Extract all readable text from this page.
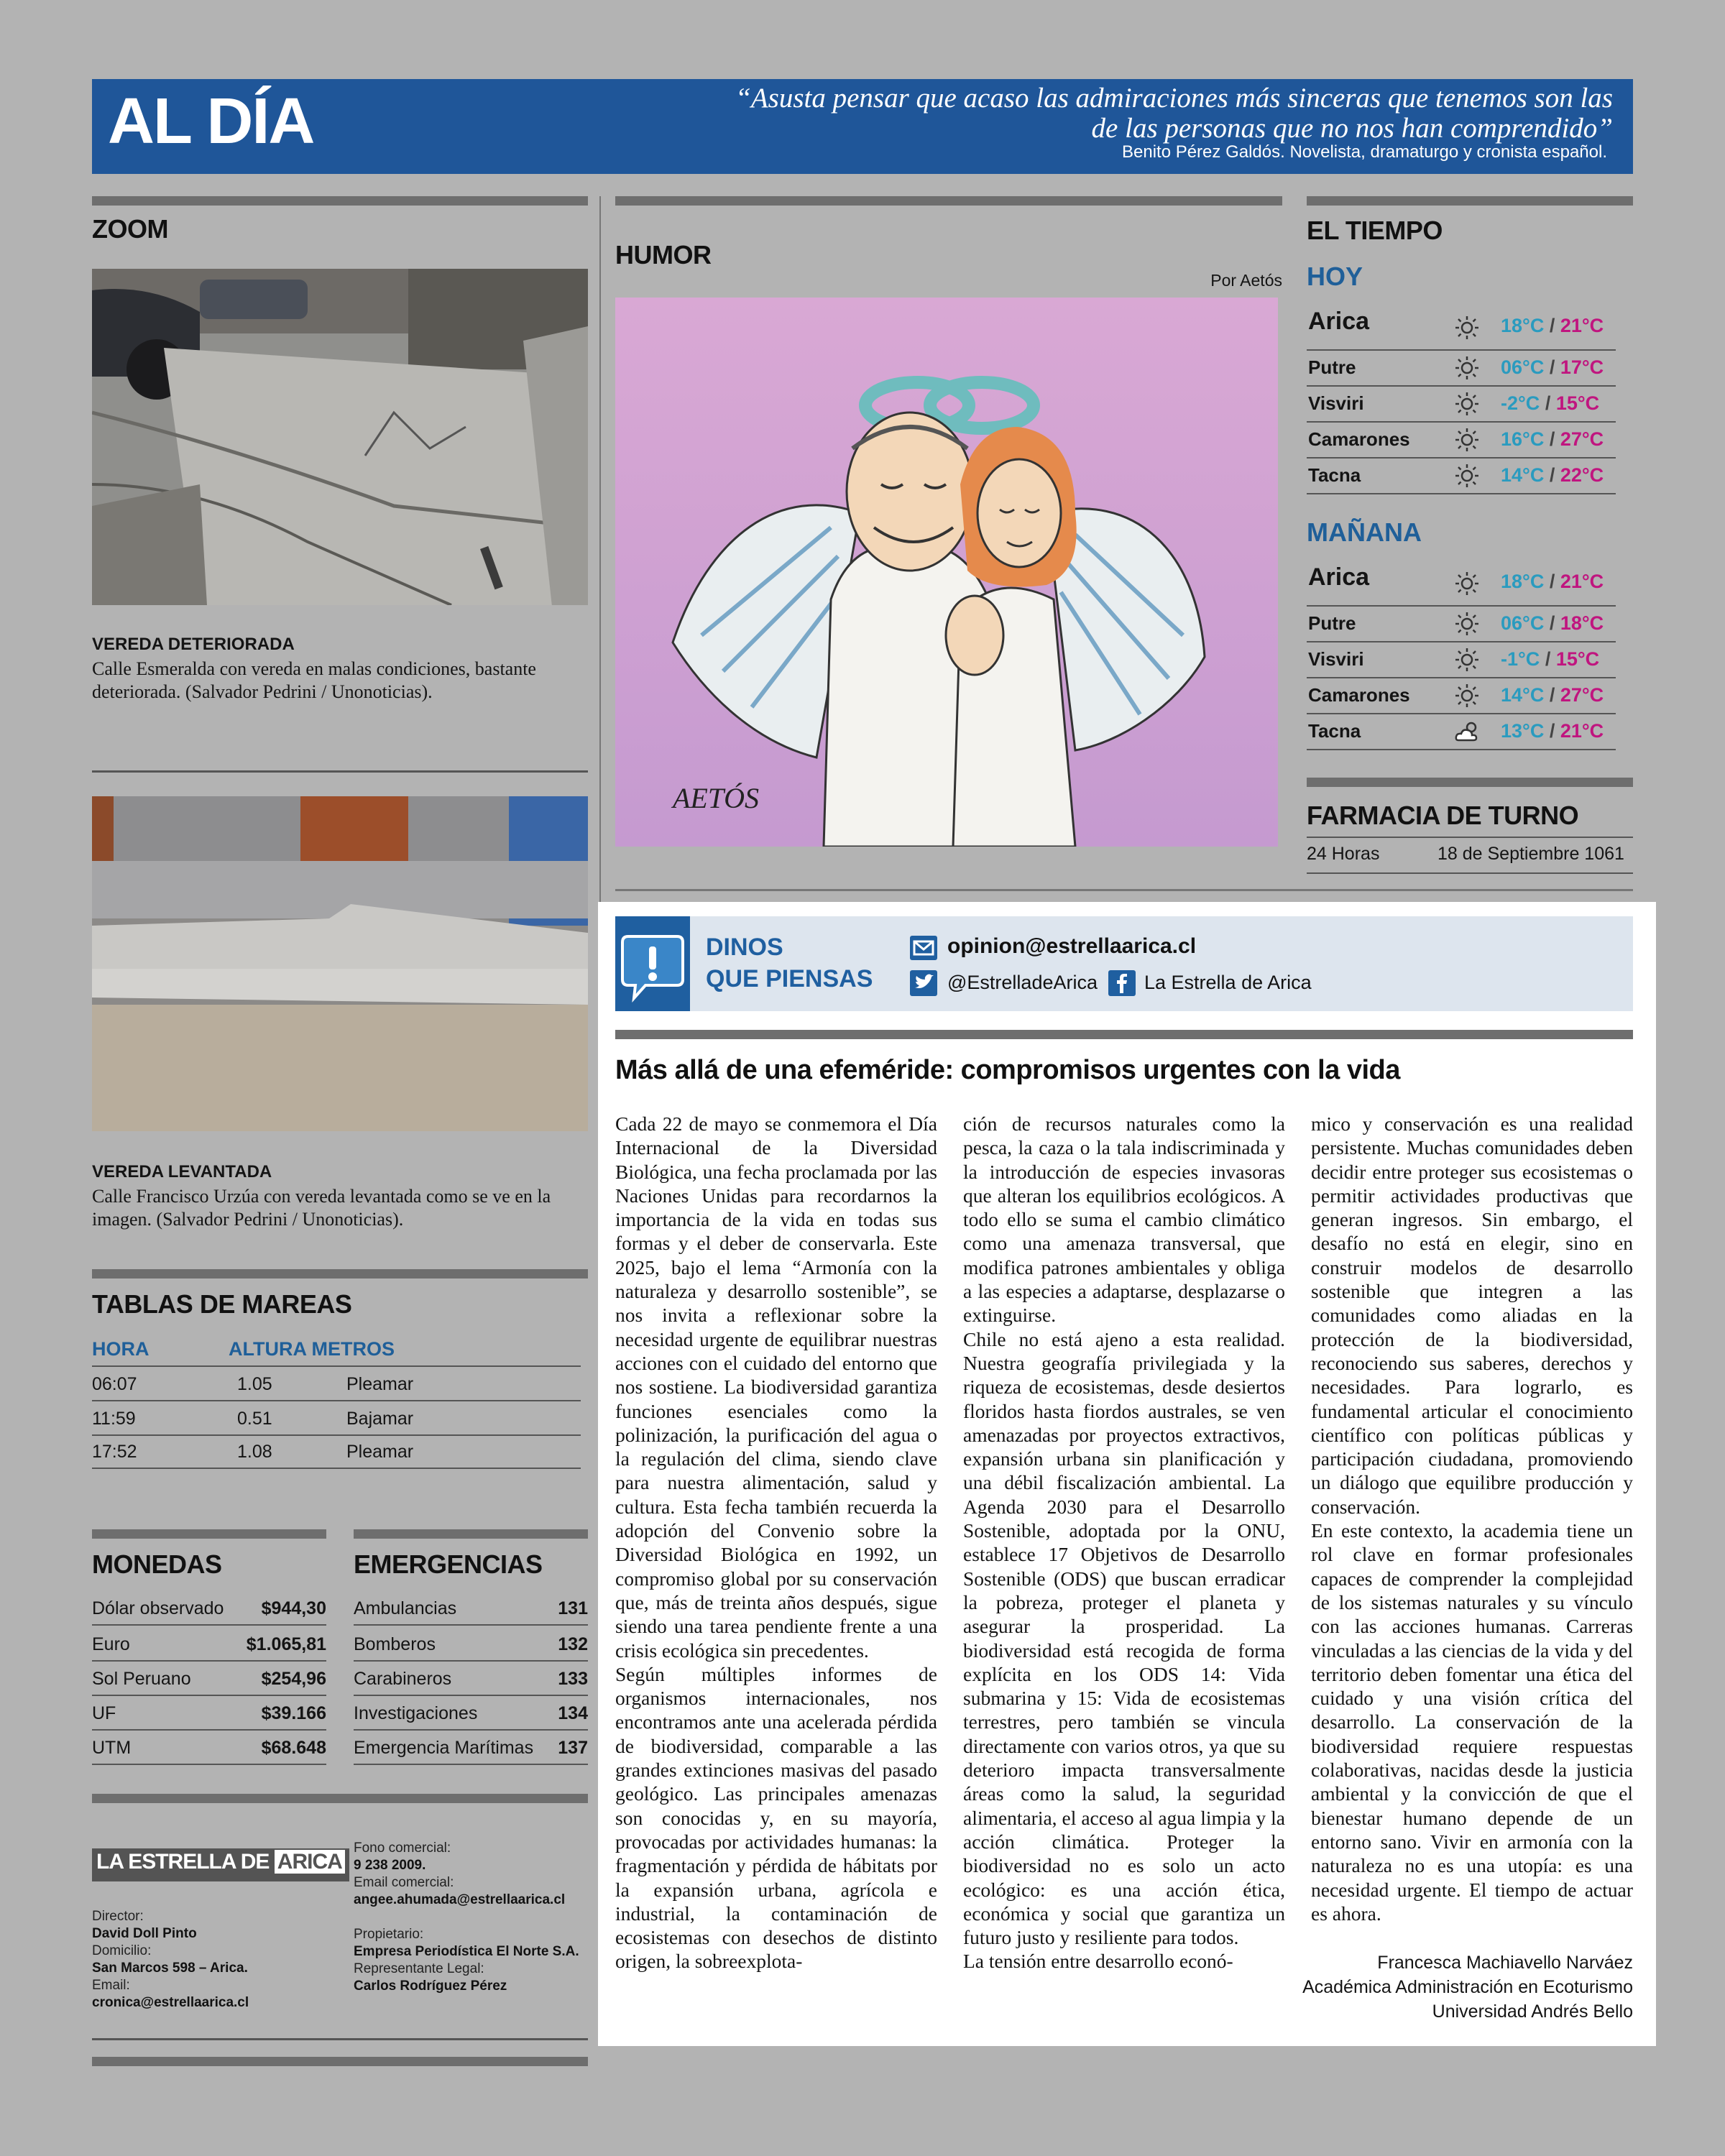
AL DÍA	“Asusta pensar que acaso las admiraciones más sinceras que tenemos son las
de las personas que no nos han comprendido”
Benito Pérez Galdós. Novelista, dramaturgo y cronista español.
ZOOM
VEREDA DETERIORADA
Calle Esmeralda con vereda en malas condiciones, bastante deteriorada. (Salvador Pedrini / Unonoticias).
VEREDA LEVANTADA
Calle Francisco Urzúa con vereda levantada como se ve en la imagen. (Salvador Pedrini / Unonoticias).
TABLAS DE MAREAS
HORA	ALTURA METROS
06:07	1.05	Pleamar
11:59	0.51	Bajamar
17:52	1.08	Pleamar
MONEDAS
Dólar observado $944,30
Euro	$1.065,81
Sol Peruano	$254,96
UF	$39.166
UTM	$68.648
EMERGENCIAS
Ambulancias	131
Bomberos	132
Carabineros	133
Investigaciones	134
Emergencia Marítimas 137
LA ESTRELLA DE ARICA
Director:
David Doll Pinto
Domicilio:
San Marcos 598 – Arica.
Email:
cronica@estrellaarica.cl
Fono comercial:
9 238 2009.
Email comercial:
angee.ahumada@estrellaarica.cl
Propietario:
Empresa Periodística El Norte S.A.
Representante Legal:
Carlos Rodríguez Pérez
HUMOR
Por Aetós
AETÓS
EL TIEMPO
HOY
Arica	18°C / 21°C
Putre	06°C / 17°C
Visviri	-2°C / 15°C
Camarones	16°C / 27°C
Tacna	14°C / 22°C
MAÑANA
Arica	18°C / 21°C
Putre	06°C / 18°C
Visviri	-1°C / 15°C
Camarones	14°C / 27°C
Tacna	13°C / 21°C
FARMACIA DE TURNO
24 Horas	18 de Septiembre 1061
DINOS
QUE PIENSAS
opinion@estrellaarica.cl
@EstrelladeArica La Estrella de Arica
Más allá de una efeméride: compromisos urgentes con la vida

Cada 22 de mayo se conmemora el Día Internacional de la Diversidad Biológica, una fecha proclamada por las Naciones Unidas para recordarnos la importancia de la vida en todas sus formas y el deber de conservarla. Este 2025, bajo el lema “Armonía con la naturaleza y desarrollo sostenible”, se nos invita a reflexionar sobre la necesidad urgente de equilibrar nuestras acciones con el cuidado del entorno que nos sostiene. La biodiversidad garantiza funciones esenciales como la polinización, la purificación del agua o la regulación del clima, siendo clave para nuestra alimentación, salud y cultura. Esta fecha también recuerda la adopción del Convenio sobre la Diversidad Biológica en 1992, un compromiso global por su conservación que, más de treinta años después, sigue siendo una tarea pendiente frente a una crisis ecológica sin precedentes.

Según múltiples informes de organismos internacionales, nos encontramos ante una acelerada pérdida de biodiversidad, comparable a las grandes extinciones masivas del pasado geológico. Las principales amenazas son conocidas y, en su mayoría, provocadas por actividades humanas: la fragmentación y pérdida de hábitats por la expansión urbana, agrícola e industrial, la contaminación de ecosistemas con desechos de distinto origen, la sobreexplota-

ción de recursos naturales como la pesca, la caza o la tala indiscriminada y la introducción de especies invasoras que alteran los equilibrios ecológicos. A todo ello se suma el cambio climático como una amenaza transversal, que modifica patrones ambientales y obliga a las especies a adaptarse, desplazarse o extinguirse.

Chile no está ajeno a esta realidad. Nuestra geografía privilegiada y la riqueza de ecosistemas, desde desiertos floridos hasta fiordos australes, se ven amenazadas por proyectos extractivos, expansión urbana sin planificación y una débil fiscalización ambiental. La Agenda 2030 para el Desarrollo Sostenible, adoptada por la ONU, establece 17 Objetivos de Desarrollo Sostenible (ODS) que buscan erradicar la pobreza, proteger el planeta y asegurar la prosperidad. La biodiversidad está recogida de forma explícita en los ODS 14: Vida submarina y 15: Vida de ecosistemas terrestres, pero también se vincula directamente con varios otros, ya que su deterioro impacta transversalmente áreas como la salud, la seguridad alimentaria, el acceso al agua limpia y la acción climática. Proteger la biodiversidad no es solo un acto ecológico: es una acción ética, económica y social que garantiza un futuro justo y resiliente para todos.

La tensión entre desarrollo econó-

mico y conservación es una realidad persistente. Muchas comunidades deben decidir entre proteger sus ecosistemas o permitir actividades productivas que generan ingresos. Sin embargo, el desafío no está en elegir, sino en construir modelos de desarrollo sostenible que integren a las comunidades como aliadas en la protección de la biodiversidad, reconociendo sus saberes, derechos y necesidades. Para lograrlo, es fundamental articular el conocimiento científico con políticas públicas y participación ciudadana, promoviendo un diálogo que equilibre producción y conservación.

En este contexto, la academia tiene un rol clave en formar profesionales capaces de comprender la complejidad de los sistemas naturales y su vínculo con las acciones humanas. Carreras vinculadas a las ciencias de la vida y del territorio deben fomentar una ética del cuidado y una visión crítica del desarrollo. La conservación de la biodiversidad requiere respuestas colaborativas, nacidas desde la justicia ambiental y la convicción de que el bienestar humano depende de un entorno sano. Vivir en armonía con la naturaleza no es una utopía: es una necesidad urgente. El tiempo de actuar es ahora.

Francesca Machiavello Narváez
Académica Administración en Ecoturismo
Universidad Andrés Bello
